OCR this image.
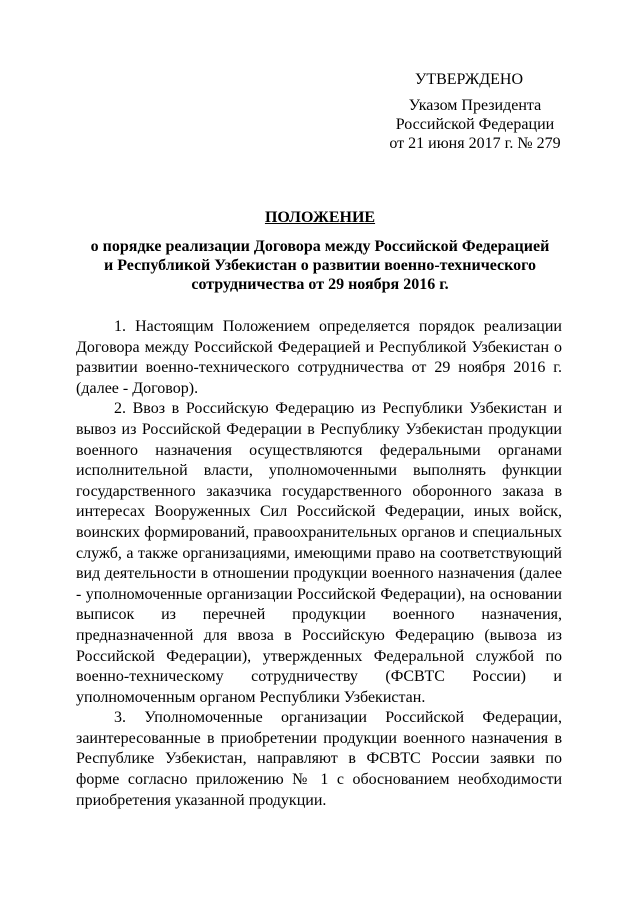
УТВЕРЖДЕНО
Указом Президента
Российской Федерации
от 21 июня 2017 г. № 279
ПОЛОЖЕНИЕ
о порядке реализации Договора между Российской Федерацией
и Республикой Узбекистан о развитии военно-технического
сотрудничества от 29 ноября 2016 г.

1. Настоящим Положением определяется порядок реализации Договора между Российской Федерацией и Республикой Узбекистан о развитии военно-технического сотрудничества от 29 ноября 2016 г. (далее - Договор).

2. Ввоз в Российскую Федерацию из Республики Узбекистан и вывоз из Российской Федерации в Республику Узбекистан продукции военного назначения осуществляются федеральными органами исполнительной власти, уполномоченными выполнять функции государственного заказчика государственного оборонного заказа в интересах Вооруженных Сил Российской Федерации, иных войск, воинских формирований, правоохранительных органов и специальных служб, а также организациями, имеющими право на соответствующий вид деятельности в отношении продукции военного назначения (далее - уполномоченные организации Российской Федерации), на основании выписок из перечней продукции военного назначения, предназначенной для ввоза в Российскую Федерацию (вывоза из Российской Федерации), утвержденных Федеральной службой по военно-техническому сотрудничеству (ФСВТС России) и уполномоченным органом Республики Узбекистан.

3. Уполномоченные организации Российской Федерации, заинтересованные в приобретении продукции военного назначения в Республике Узбекистан, направляют в ФСВТС России заявки по форме согласно приложению № 1 с обоснованием необходимости приобретения указанной продукции.
